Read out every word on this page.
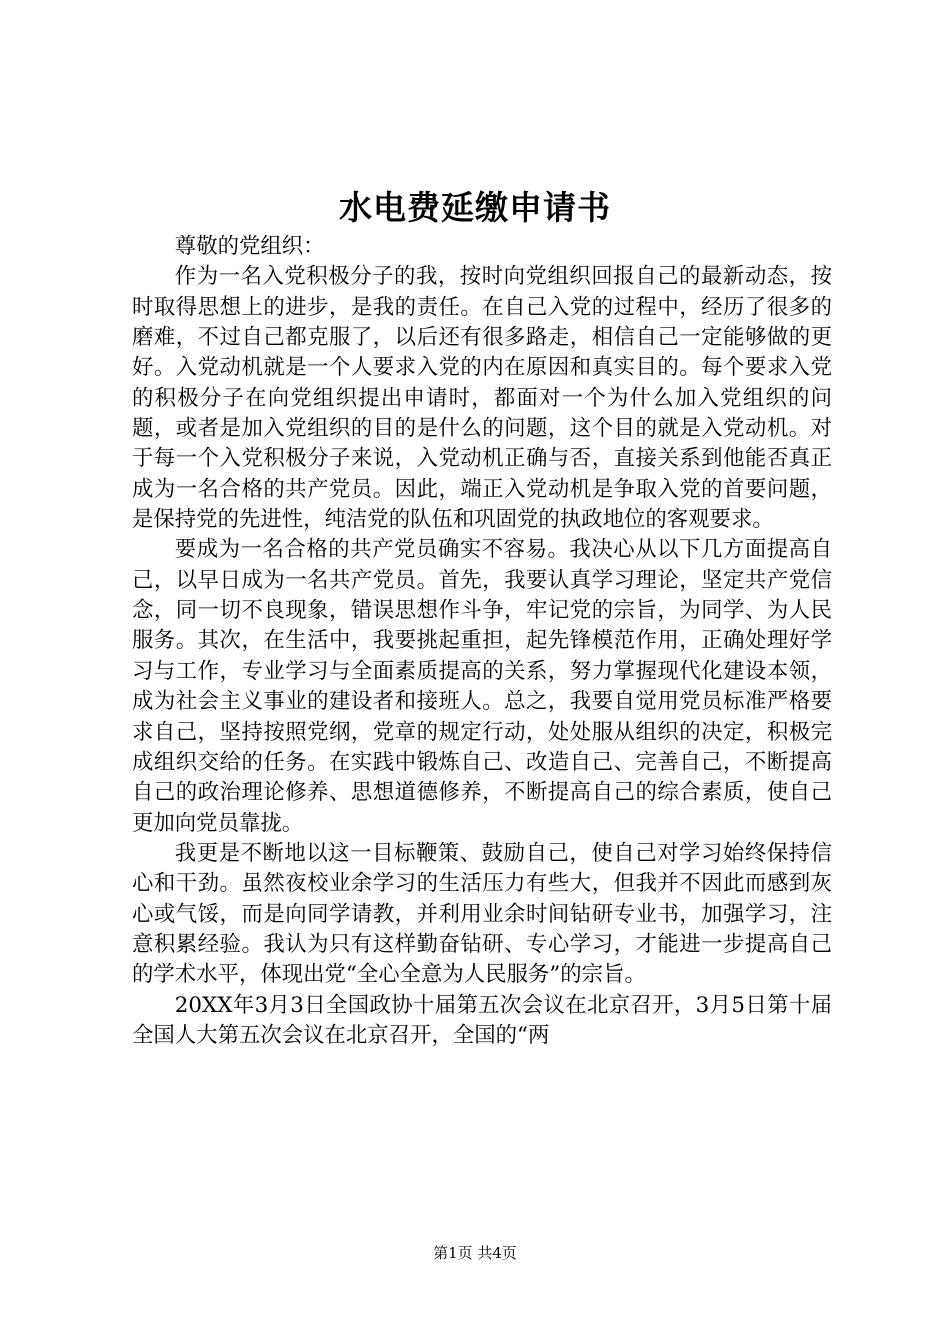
水电费延缴申请书

尊敬的党组织：

作为一名入党积极分子的我，按时向党组织回报自己的最新动态，按时取得思想上的进步，是我的责任。在自己入党的过程中，经历了很多的磨难，不过自己都克服了，以后还有很多路走，相信自己一定能够做的更好。入党动机就是一个人要求入党的内在原因和真实目的。每个要求入党的积极分子在向党组织提出申请时，都面对一个为什么加入党组织的问题，或者是加入党组织的目的是什么的问题，这个目的就是入党动机。对于每一个入党积极分子来说，入党动机正确与否，直接关系到他能否真正成为一名合格的共产党员。因此，端正入党动机是争取入党的首要问题，是保持党的先进性，纯洁党的队伍和巩固党的执政地位的客观要求。

要成为一名合格的共产党员确实不容易。我决心从以下几方面提高自己，以早日成为一名共产党员。首先，我要认真学习理论，坚定共产党信念，同一切不良现象，错误思想作斗争，牢记党的宗旨，为同学、为人民服务。其次，在生活中，我要挑起重担，起先锋模范作用，正确处理好学习与工作，专业学习与全面素质提高的关系，努力掌握现代化建设本领，成为社会主义事业的建设者和接班人。总之，我要自觉用党员标准严格要求自己，坚持按照党纲，党章的规定行动，处处服从组织的决定，积极完成组织交给的任务。在实践中锻炼自己、改造自己、完善自己，不断提高自己的政治理论修养、思想道德修养，不断提高自己的综合素质，使自己更加向党员靠拢。

我更是不断地以这一目标鞭策、鼓励自己，使自己对学习始终保持信心和干劲。虽然夜校业余学习的生活压力有些大，但我并不因此而感到灰心或气馁，而是向同学请教，并利用业余时间钻研专业书，加强学习，注意积累经验。我认为只有这样勤奋钻研、专心学习，才能进一步提高自己的学术水平，体现出党“全心全意为人民服务”的宗旨。

20XX年3月3日全国政协十届第五次会议在北京召开，3月5日第十届全国人大第五次会议在北京召开，全国的“两

第1页 共4页
